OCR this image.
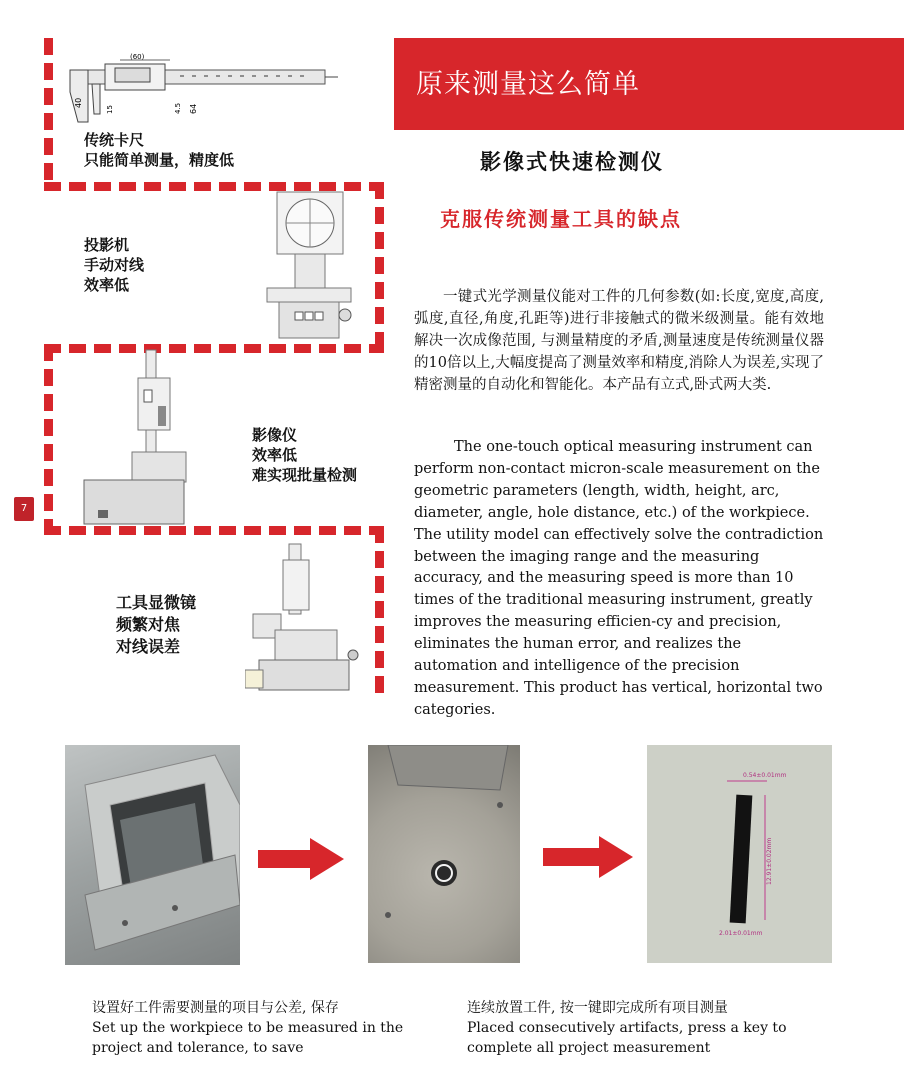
(60)
40
15	4.5 64
传统卡尺
只能简单测量，精度低
投影机
手动对线
效率低
7
影像仪
效率低
难实现批量检测
工具显微镜
频繁对焦
对线误差
原来测量这么简单
影像式快速检测仪
克服传统测量工具的缺点
一键式光学测量仪能对工件的几何参数(如:长度,宽度,高度,弧度,直径,角度,孔距等)进行非接触式的微米级测量。能有效地解决一次成像范围, 与测量精度的矛盾,测量速度是传统测量仪器的10倍以上,大幅度提高了测量效率和精度,消除人为误差,实现了精密测量的自动化和智能化。本产品有立式,卧式两大类.
The one-touch optical measuring instrument can perform non-contact micron-scale measurement on the geometric parameters (length, width, height, arc, diameter, angle, hole distance, etc.) of the workpiece. The utility model can effectively solve the contradiction between the imaging range and the measuring accuracy, and the measuring speed is more than 10 times of the traditional measuring instrument, greatly improves the measuring efficien-cy and precision, eliminates the human error, and realizes the automation and intelligence of the precision measurement. This product has vertical, horizontal two categories.
0.54±0.01mm
12.91±0.02mm
2.01±0.01mm
设置好工件需要测量的项目与公差, 保存
Set up the workpiece to be measured in the
project and tolerance, to save
连续放置工件, 按一键即完成所有项目测量
Placed consecutively artifacts, press a key to
complete all project measurement
